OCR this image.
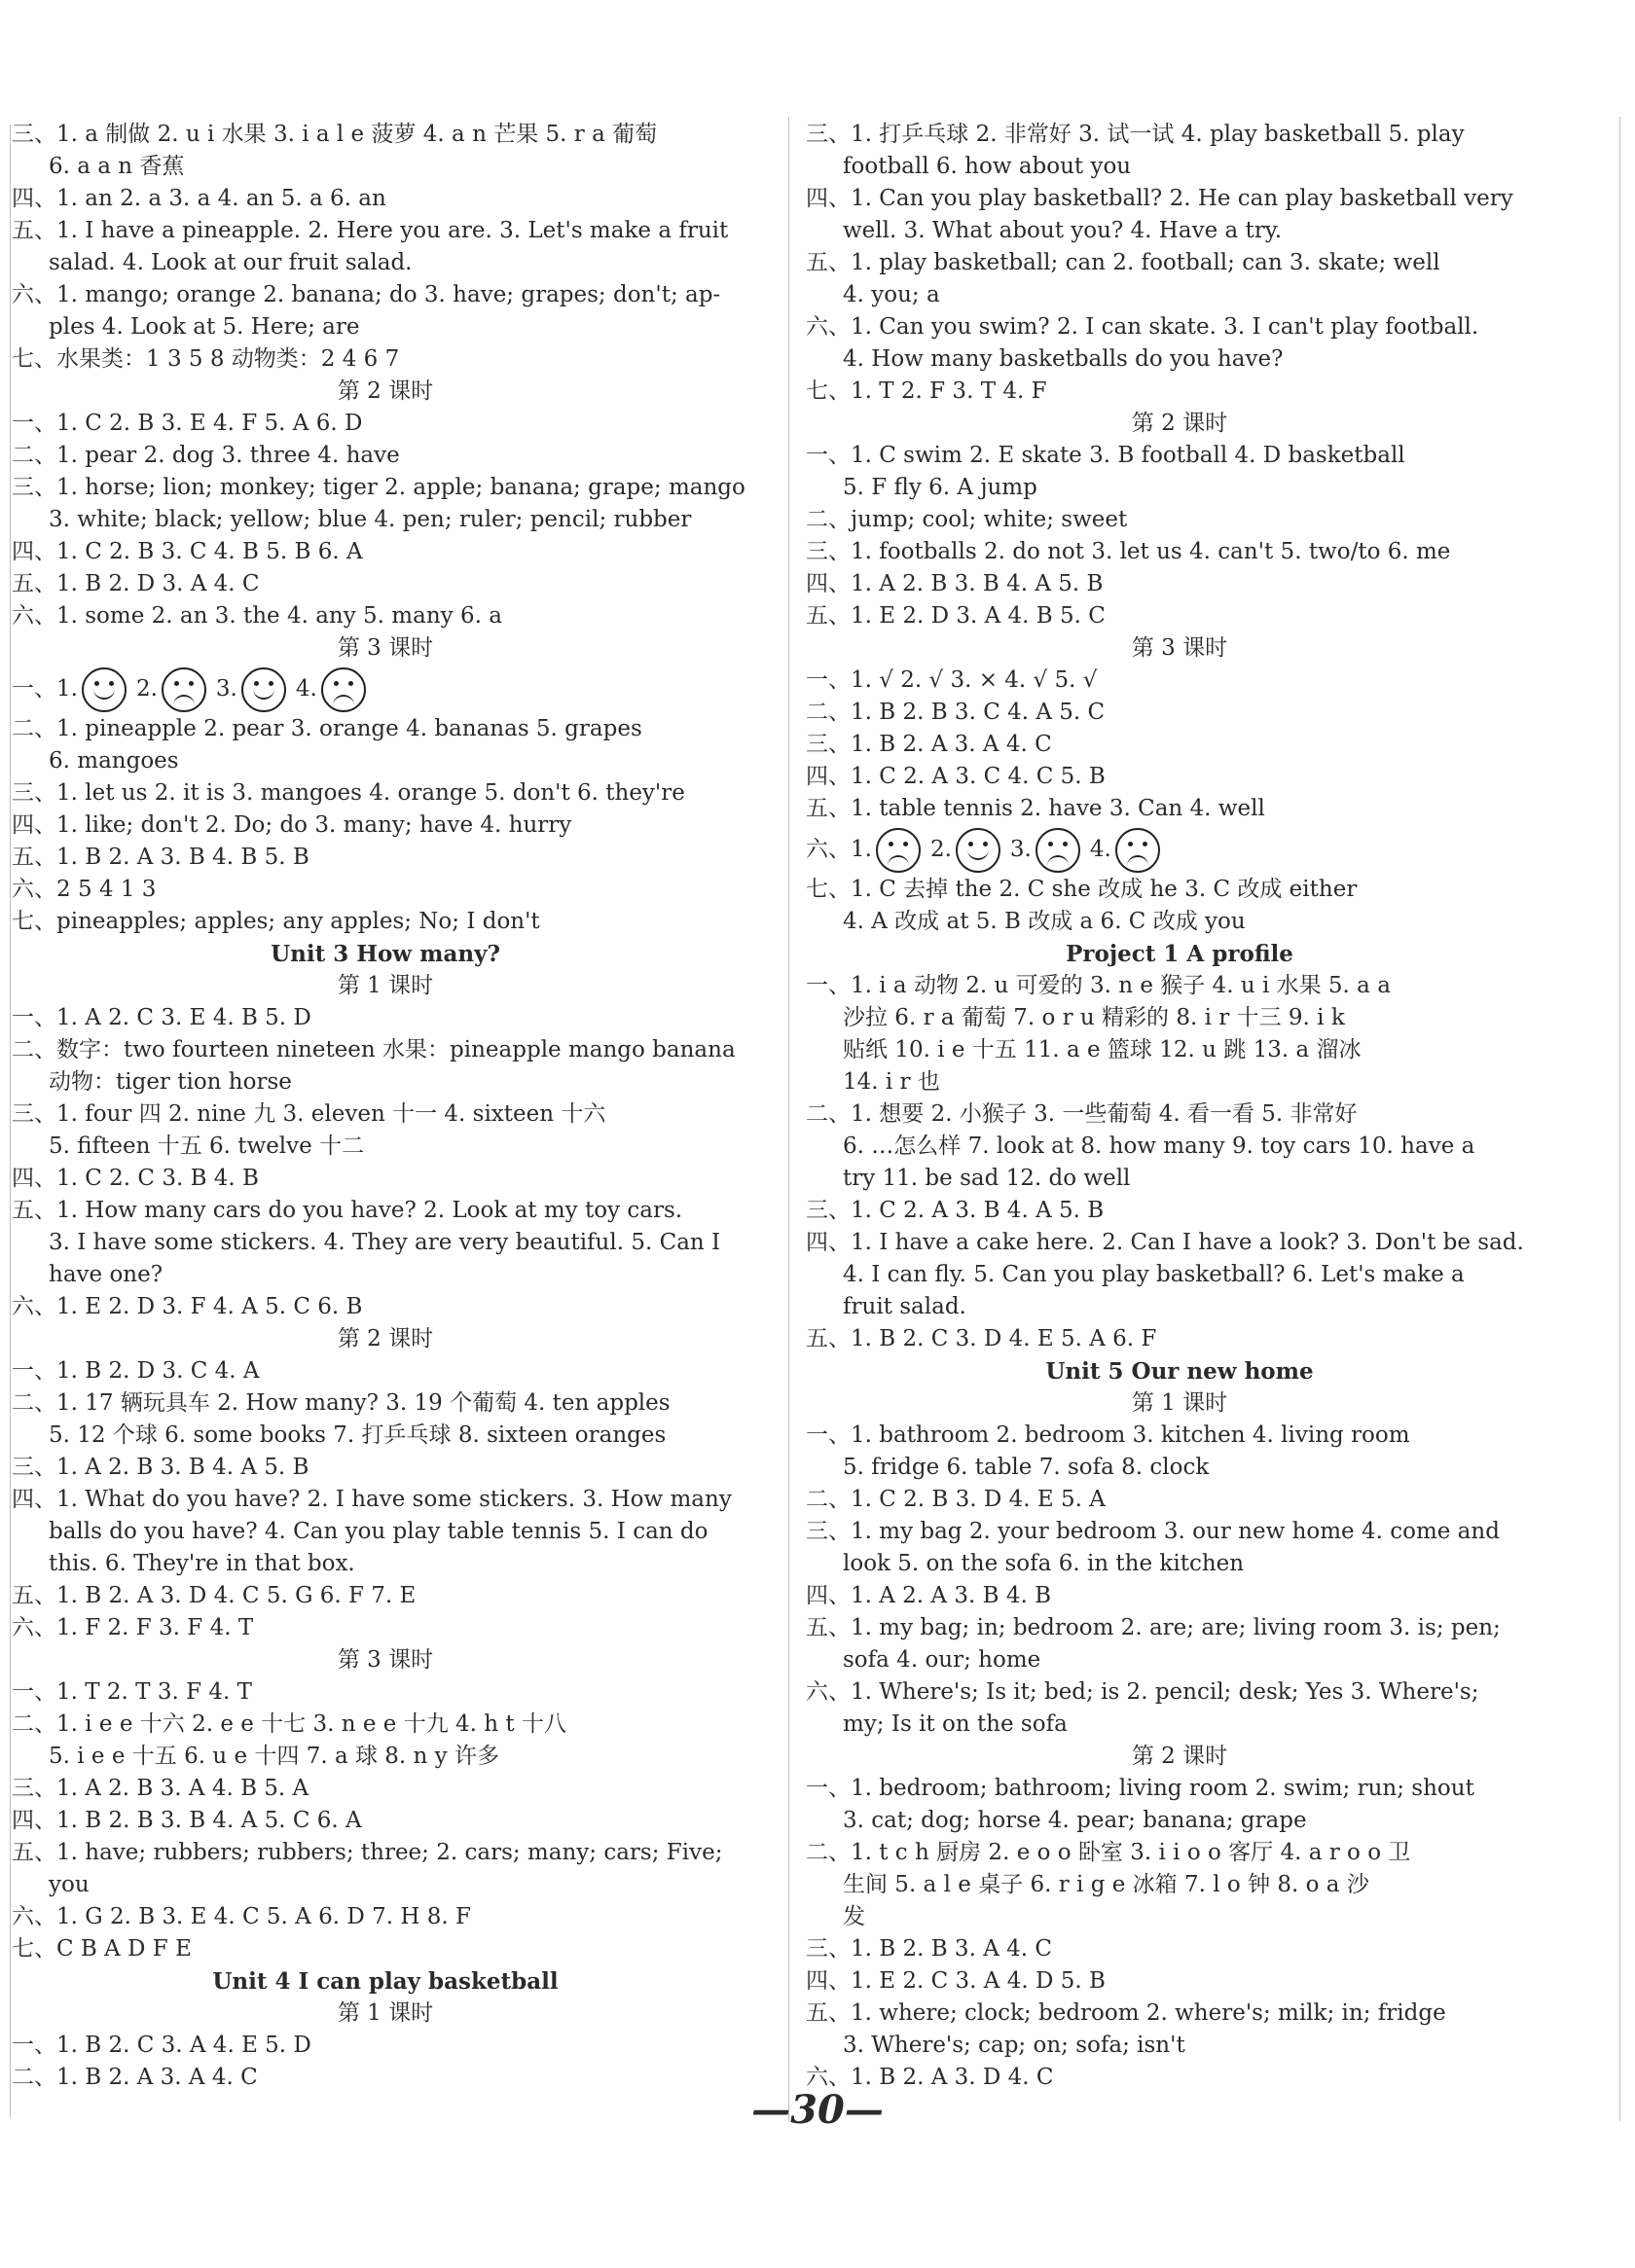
三、1. a 制做 2. u i 水果 3. i a l e 菠萝 4. a n 芒果 5. r a 葡萄
6. a a n 香蕉
四、1. an 2. a 3. a 4. an 5. a 6. an
五、1. I have a pineapple. 2. Here you are. 3. Let's make a fruit
salad. 4. Look at our fruit salad.
六、1. mango; orange 2. banana; do 3. have; grapes; don't; ap-
ples 4. Look at 5. Here; are
七、水果类：1 3 5 8 动物类：2 4 6 7
第 2 课时
一、1. C 2. B 3. E 4. F 5. A 6. D
二、1. pear 2. dog 3. three 4. have
三、1. horse; lion; monkey; tiger 2. apple; banana; grape; mango
3. white; black; yellow; blue 4. pen; ruler; pencil; rubber
四、1. C 2. B 3. C 4. B 5. B 6. A
五、1. B 2. D 3. A 4. C
六、1. some 2. an 3. the 4. any 5. many 6. a
第 3 课时
一、1.	2.	3.	4.
二、1. pineapple 2. pear 3. orange 4. bananas 5. grapes
6. mangoes
三、1. let us 2. it is 3. mangoes 4. orange 5. don't 6. they're
四、1. like; don't 2. Do; do 3. many; have 4. hurry
五、1. B 2. A 3. B 4. B 5. B
六、2 5 4 1 3
七、pineapples; apples; any apples; No; I don't
Unit 3 How many?
第 1 课时
一、1. A 2. C 3. E 4. B 5. D
二、数字：two fourteen nineteen 水果：pineapple mango banana
动物：tiger tion horse
三、1. four 四 2. nine 九 3. eleven 十一 4. sixteen 十六
5. fifteen 十五 6. twelve 十二
四、1. C 2. C 3. B 4. B
五、1. How many cars do you have? 2. Look at my toy cars.
3. I have some stickers. 4. They are very beautiful. 5. Can I
have one?
六、1. E 2. D 3. F 4. A 5. C 6. B
第 2 课时
一、1. B 2. D 3. C 4. A
二、1. 17 辆玩具车 2. How many? 3. 19 个葡萄 4. ten apples
5. 12 个球 6. some books 7. 打乒乓球 8. sixteen oranges
三、1. A 2. B 3. B 4. A 5. B
四、1. What do you have? 2. I have some stickers. 3. How many
balls do you have? 4. Can you play table tennis 5. I can do
this. 6. They're in that box.
五、1. B 2. A 3. D 4. C 5. G 6. F 7. E
六、1. F 2. F 3. F 4. T
第 3 课时
一、1. T 2. T 3. F 4. T
二、1. i e e 十六 2. e e 十七 3. n e e 十九 4. h t 十八
5. i e e 十五 6. u e 十四 7. a 球 8. n y 许多
三、1. A 2. B 3. A 4. B 5. A
四、1. B 2. B 3. B 4. A 5. C 6. A
五、1. have; rubbers; rubbers; three; 2. cars; many; cars; Five;
you
六、1. G 2. B 3. E 4. C 5. A 6. D 7. H 8. F
七、C B A D F E
Unit 4 I can play basketball
第 1 课时
一、1. B 2. C 3. A 4. E 5. D
二、1. B 2. A 3. A 4. C
三、1. 打乒乓球 2. 非常好 3. 试一试 4. play basketball 5. play
football 6. how about you
四、1. Can you play basketball? 2. He can play basketball very
well. 3. What about you? 4. Have a try.
五、1. play basketball; can 2. football; can 3. skate; well
4. you; a
六、1. Can you swim? 2. I can skate. 3. I can't play football.
4. How many basketballs do you have?
七、1. T 2. F 3. T 4. F
第 2 课时
一、1. C swim 2. E skate 3. B football 4. D basketball
5. F fly 6. A jump
二、jump; cool; white; sweet
三、1. footballs 2. do not 3. let us 4. can't 5. two/to 6. me
四、1. A 2. B 3. B 4. A 5. B
五、1. E 2. D 3. A 4. B 5. C
第 3 课时
一、1. √ 2. √ 3. × 4. √ 5. √
二、1. B 2. B 3. C 4. A 5. C
三、1. B 2. A 3. A 4. C
四、1. C 2. A 3. C 4. C 5. B
五、1. table tennis 2. have 3. Can 4. well
六、1.	2.	3.	4.
七、1. C 去掉 the 2. C she 改成 he 3. C 改成 either
4. A 改成 at 5. B 改成 a 6. C 改成 you
Project 1 A profile
一、1. i a 动物 2. u 可爱的 3. n e 猴子 4. u i 水果 5. a a
沙拉 6. r a 葡萄 7. o r u 精彩的 8. i r 十三 9. i k
贴纸 10. i e 十五 11. a e 篮球 12. u 跳 13. a 溜冰
14. i r 也
二、1. 想要 2. 小猴子 3. 一些葡萄 4. 看一看 5. 非常好
6. …怎么样 7. look at 8. how many 9. toy cars 10. have a
try 11. be sad 12. do well
三、1. C 2. A 3. B 4. A 5. B
四、1. I have a cake here. 2. Can I have a look? 3. Don't be sad.
4. I can fly. 5. Can you play basketball? 6. Let's make a
fruit salad.
五、1. B 2. C 3. D 4. E 5. A 6. F
Unit 5 Our new home
第 1 课时
一、1. bathroom 2. bedroom 3. kitchen 4. living room
5. fridge 6. table 7. sofa 8. clock
二、1. C 2. B 3. D 4. E 5. A
三、1. my bag 2. your bedroom 3. our new home 4. come and
look 5. on the sofa 6. in the kitchen
四、1. A 2. A 3. B 4. B
五、1. my bag; in; bedroom 2. are; are; living room 3. is; pen;
sofa 4. our; home
六、1. Where's; Is it; bed; is 2. pencil; desk; Yes 3. Where's;
my; Is it on the sofa
第 2 课时
一、1. bedroom; bathroom; living room 2. swim; run; shout
3. cat; dog; horse 4. pear; banana; grape
二、1. t c h 厨房 2. e o o 卧室 3. i i o o 客厅 4. a r o o 卫
生间 5. a l e 桌子 6. r i g e 冰箱 7. l o 钟 8. o a 沙
发
三、1. B 2. B 3. A 4. C
四、1. E 2. C 3. A 4. D 5. B
五、1. where; clock; bedroom 2. where's; milk; in; fridge
3. Where's; cap; on; sofa; isn't
六、1. B 2. A 3. D 4. C
—30—
